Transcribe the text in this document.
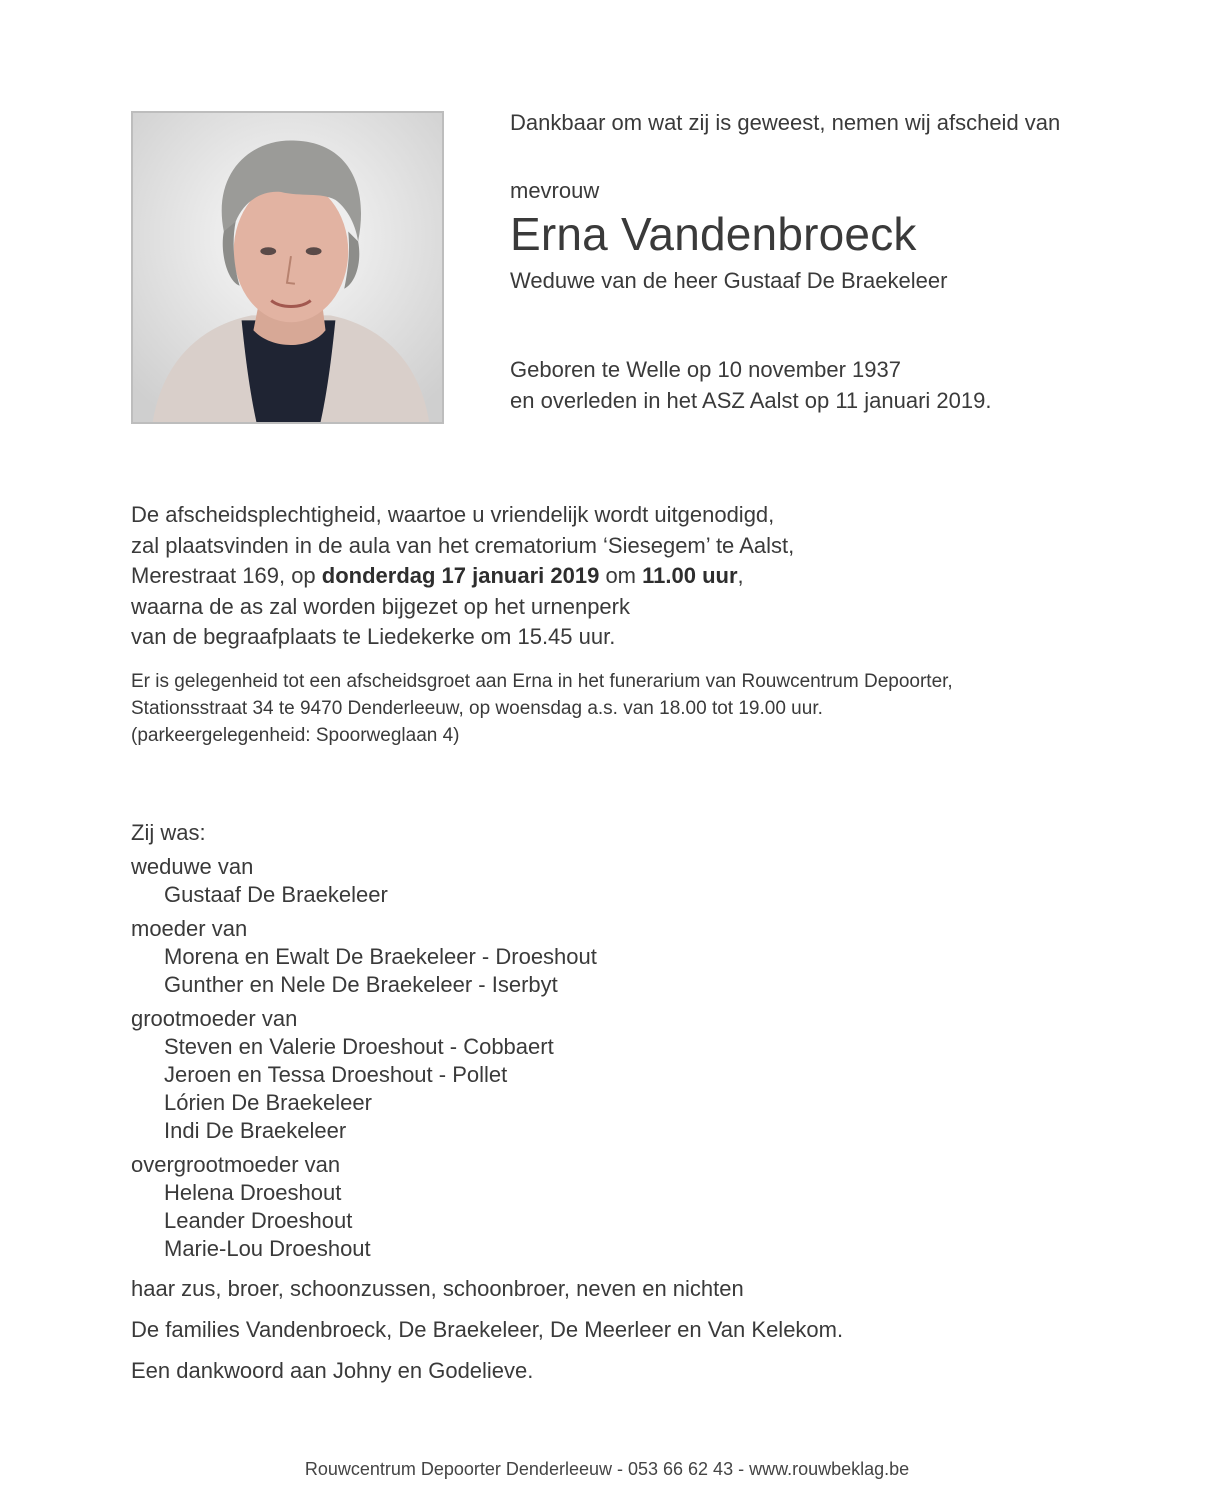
Dankbaar om wat zij is geweest, nemen wij afscheid van

mevrouw

Erna Vandenbroeck

Weduwe van de heer Gustaaf De Braekeleer

Geboren te Welle op 10 november 1937
en overleden in het ASZ Aalst op 11 januari 2019.
De afscheidsplechtigheid, waartoe u vriendelijk wordt uitgenodigd,
zal plaatsvinden in de aula van het crematorium ‘Siesegem’ te Aalst,
Merestraat 169, op donderdag 17 januari 2019 om 11.00 uur,
waarna de as zal worden bijgezet op het urnenperk
van de begraafplaats te Liedekerke om 15.45 uur.
Er is gelegenheid tot een afscheidsgroet aan Erna in het funerarium van Rouwcentrum Depoorter,
Stationsstraat 34 te 9470 Denderleeuw, op woensdag a.s. van 18.00 tot 19.00 uur.
(parkeergelegenheid: Spoorweglaan 4)
Zij was:
weduwe van
Gustaaf De Braekeleer
moeder van
Morena en Ewalt De Braekeleer - Droeshout
Gunther en Nele De Braekeleer - Iserbyt
grootmoeder van
Steven en Valerie Droeshout - Cobbaert
Jeroen en Tessa Droeshout - Pollet
Lórien De Braekeleer
Indi De Braekeleer
overgrootmoeder van
Helena Droeshout
Leander Droeshout
Marie-Lou Droeshout

haar zus, broer, schoonzussen, schoonbroer, neven en nichten

De families Vandenbroeck, De Braekeleer, De Meerleer en Van Kelekom.

Een dankwoord aan Johny en Godelieve.

Rouwcentrum Depoorter Denderleeuw - 053 66 62 43 - www.rouwbeklag.be
